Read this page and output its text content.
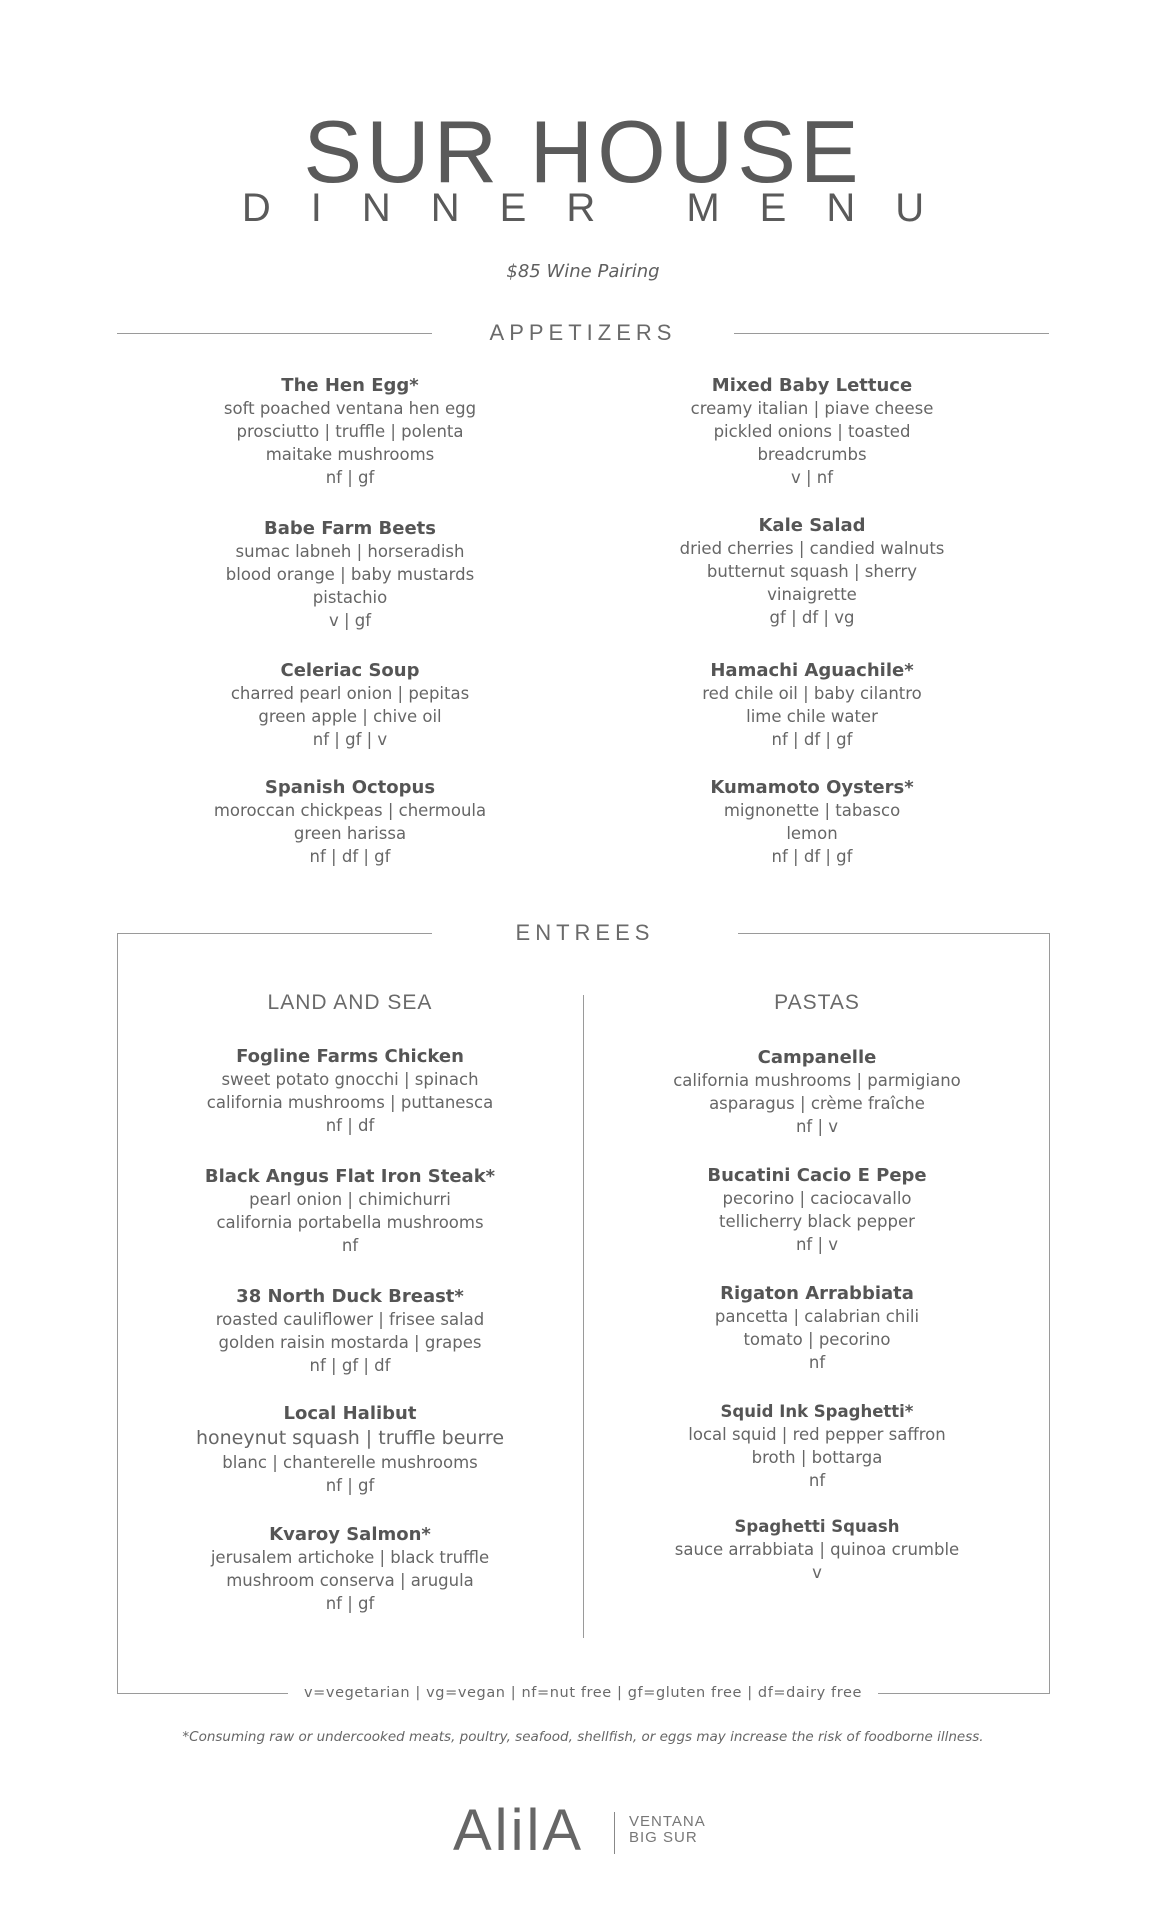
SUR HOUSE
DINNER MENU
$85 Wine Pairing
APPETIZERS
The Hen Egg*
soft poached ventana hen egg
prosciutto | truffle | polenta
maitake mushrooms
nf | gf
Babe Farm Beets
sumac labneh | horseradish
blood orange | baby mustards
pistachio
v | gf
Celeriac Soup
charred pearl onion | pepitas
green apple | chive oil
nf | gf | v
Spanish Octopus
moroccan chickpeas | chermoula
green harissa
nf | df | gf
Mixed Baby Lettuce
creamy italian | piave cheese
pickled onions | toasted
breadcrumbs
v | nf
Kale Salad
dried cherries | candied walnuts
butternut squash | sherry
vinaigrette
gf | df | vg
Hamachi Aguachile*
red chile oil | baby cilantro
lime chile water
nf | df | gf
Kumamoto Oysters*
mignonette | tabasco
lemon
nf | df | gf
ENTREES
LAND AND SEA	PASTAS
Fogline Farms Chicken
sweet potato gnocchi | spinach
california mushrooms | puttanesca
nf | df
Black Angus Flat Iron Steak*
pearl onion | chimichurri
california portabella mushrooms
nf
38 North Duck Breast*
roasted cauliflower | frisee salad
golden raisin mostarda | grapes
nf | gf | df
Local Halibut
honeynut squash | truffle beurre
blanc | chanterelle mushrooms
nf | gf
Kvaroy Salmon*
jerusalem artichoke | black truffle
mushroom conserva | arugula
nf | gf
Campanelle
california mushrooms | parmigiano
asparagus | crème fraîche
nf | v
Bucatini Cacio E Pepe
pecorino | caciocavallo
tellicherry black pepper
nf | v
Rigaton Arrabbiata
pancetta | calabrian chili
tomato | pecorino
nf
Squid Ink Spaghetti*
local squid | red pepper saffron
broth | bottarga
nf
Spaghetti Squash
sauce arrabbiata | quinoa crumble
v
v=vegetarian | vg=vegan | nf=nut free | gf=gluten free | df=dairy free
*Consuming raw or undercooked meats, poultry, seafood, shellfish, or eggs may increase the risk of foodborne illness.
AlilA	VENTANA
BIG SUR
